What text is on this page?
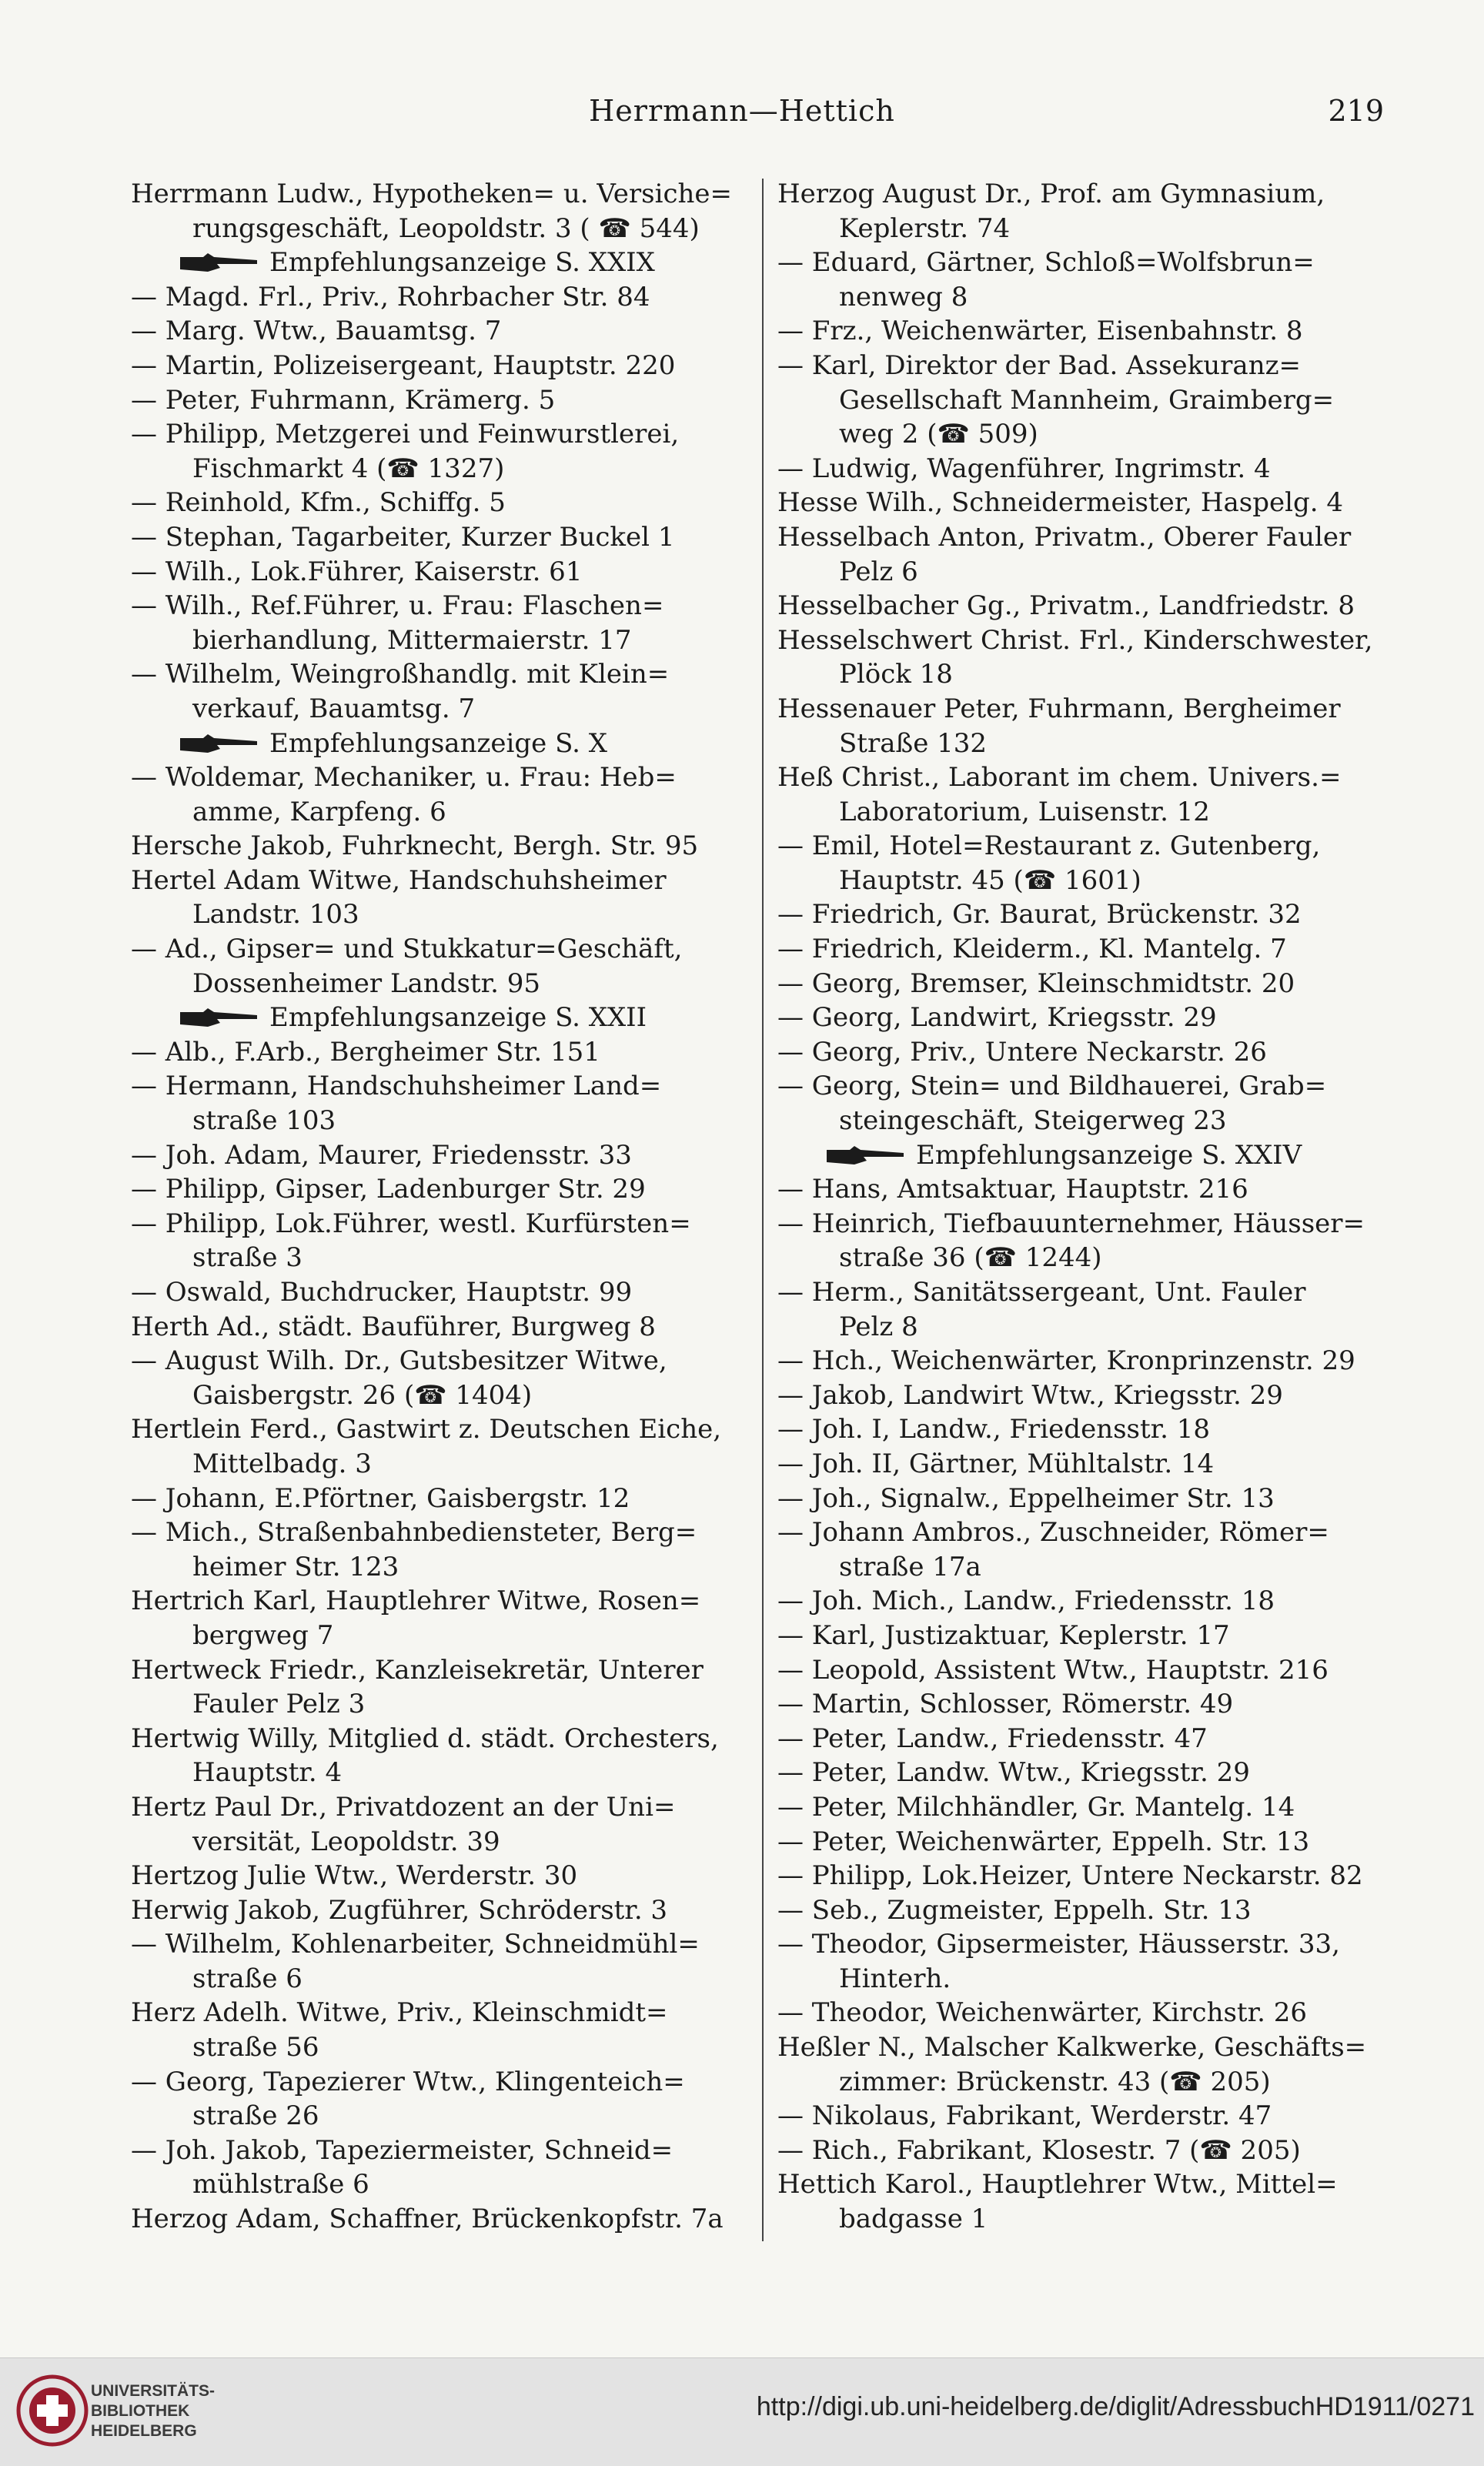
Herrmann—Hettich	219
Herrmann Ludw., Hypotheken= u. Versiche=
rungsgeschäft, Leopoldstr. 3 ( ☎ 544)
Empfehlungsanzeige S. XXIX
— Magd. Frl., Priv., Rohrbacher Str. 84
— Marg. Wtw., Bauamtsg. 7
— Martin, Polizeisergeant, Hauptstr. 220
— Peter, Fuhrmann, Krämerg. 5
— Philipp, Metzgerei und Feinwurstlerei,
Fischmarkt 4 (☎ 1327)
— Reinhold, Kfm., Schiffg. 5
— Stephan, Tagarbeiter, Kurzer Buckel 1
— Wilh., Lok.Führer, Kaiserstr. 61
— Wilh., Ref.Führer, u. Frau: Flaschen=
bierhandlung, Mittermaierstr. 17
— Wilhelm, Weingroßhandlg. mit Klein=
verkauf, Bauamtsg. 7
Empfehlungsanzeige S. X
— Woldemar, Mechaniker, u. Frau: Heb=
amme, Karpfeng. 6
Hersche Jakob, Fuhrknecht, Bergh. Str. 95
Hertel Adam Witwe, Handschuhsheimer
Landstr. 103
— Ad., Gipser= und Stukkatur=Geschäft,
Dossenheimer Landstr. 95
Empfehlungsanzeige S. XXII
— Alb., F.Arb., Bergheimer Str. 151
— Hermann, Handschuhsheimer Land=
straße 103
— Joh. Adam, Maurer, Friedensstr. 33
— Philipp, Gipser, Ladenburger Str. 29
— Philipp, Lok.Führer, westl. Kurfürsten=
straße 3
— Oswald, Buchdrucker, Hauptstr. 99
Herth Ad., städt. Bauführer, Burgweg 8
— August Wilh. Dr., Gutsbesitzer Witwe,
Gaisbergstr. 26 (☎ 1404)
Hertlein Ferd., Gastwirt z. Deutschen Eiche,
Mittelbadg. 3
— Johann, E.Pförtner, Gaisbergstr. 12
— Mich., Straßenbahnbediensteter, Berg=
heimer Str. 123
Hertrich Karl, Hauptlehrer Witwe, Rosen=
bergweg 7
Hertweck Friedr., Kanzleisekretär, Unterer
Fauler Pelz 3
Hertwig Willy, Mitglied d. städt. Orchesters,
Hauptstr. 4
Hertz Paul Dr., Privatdozent an der Uni=
versität, Leopoldstr. 39
Hertzog Julie Wtw., Werderstr. 30
Herwig Jakob, Zugführer, Schröderstr. 3
— Wilhelm, Kohlenarbeiter, Schneidmühl=
straße 6
Herz Adelh. Witwe, Priv., Kleinschmidt=
straße 56
— Georg, Tapezierer Wtw., Klingenteich=
straße 26
— Joh. Jakob, Tapeziermeister, Schneid=
mühlstraße 6
Herzog Adam, Schaffner, Brückenkopfstr. 7a
Herzog August Dr., Prof. am Gymnasium,
Keplerstr. 74
— Eduard, Gärtner, Schloß=Wolfsbrun=
nenweg 8
— Frz., Weichenwärter, Eisenbahnstr. 8
— Karl, Direktor der Bad. Assekuranz=
Gesellschaft Mannheim, Graimberg=
weg 2 (☎ 509)
— Ludwig, Wagenführer, Ingrimstr. 4
Hesse Wilh., Schneidermeister, Haspelg. 4
Hesselbach Anton, Privatm., Oberer Fauler
Pelz 6
Hesselbacher Gg., Privatm., Landfriedstr. 8
Hesselschwert Christ. Frl., Kinderschwester,
Plöck 18
Hessenauer Peter, Fuhrmann, Bergheimer
Straße 132
Heß Christ., Laborant im chem. Univers.=
Laboratorium, Luisenstr. 12
— Emil, Hotel=Restaurant z. Gutenberg,
Hauptstr. 45 (☎ 1601)
— Friedrich, Gr. Baurat, Brückenstr. 32
— Friedrich, Kleiderm., Kl. Mantelg. 7
— Georg, Bremser, Kleinschmidtstr. 20
— Georg, Landwirt, Kriegsstr. 29
— Georg, Priv., Untere Neckarstr. 26
— Georg, Stein= und Bildhauerei, Grab=
steingeschäft, Steigerweg 23
Empfehlungsanzeige S. XXIV
— Hans, Amtsaktuar, Hauptstr. 216
— Heinrich, Tiefbauunternehmer, Häusser=
straße 36 (☎ 1244)
— Herm., Sanitätssergeant, Unt. Fauler
Pelz 8
— Hch., Weichenwärter, Kronprinzenstr. 29
— Jakob, Landwirt Wtw., Kriegsstr. 29
— Joh. I, Landw., Friedensstr. 18
— Joh. II, Gärtner, Mühltalstr. 14
— Joh., Signalw., Eppelheimer Str. 13
— Johann Ambros., Zuschneider, Römer=
straße 17a
— Joh. Mich., Landw., Friedensstr. 18
— Karl, Justizaktuar, Keplerstr. 17
— Leopold, Assistent Wtw., Hauptstr. 216
— Martin, Schlosser, Römerstr. 49
— Peter, Landw., Friedensstr. 47
— Peter, Landw. Wtw., Kriegsstr. 29
— Peter, Milchhändler, Gr. Mantelg. 14
— Peter, Weichenwärter, Eppelh. Str. 13
— Philipp, Lok.Heizer, Untere Neckarstr. 82
— Seb., Zugmeister, Eppelh. Str. 13
— Theodor, Gipsermeister, Häusserstr. 33,
Hinterh.
— Theodor, Weichenwärter, Kirchstr. 26
Heßler N., Malscher Kalkwerke, Geschäfts=
zimmer: Brückenstr. 43 (☎ 205)
— Nikolaus, Fabrikant, Werderstr. 47
— Rich., Fabrikant, Klosestr. 7 (☎ 205)
Hettich Karol., Hauptlehrer Wtw., Mittel=
badgasse 1
UNIVERSITÄTS-
BIBLIOTHEK
HEIDELBERG
http://digi.ub.uni-heidelberg.de/diglit/AdressbuchHD1911/0271
